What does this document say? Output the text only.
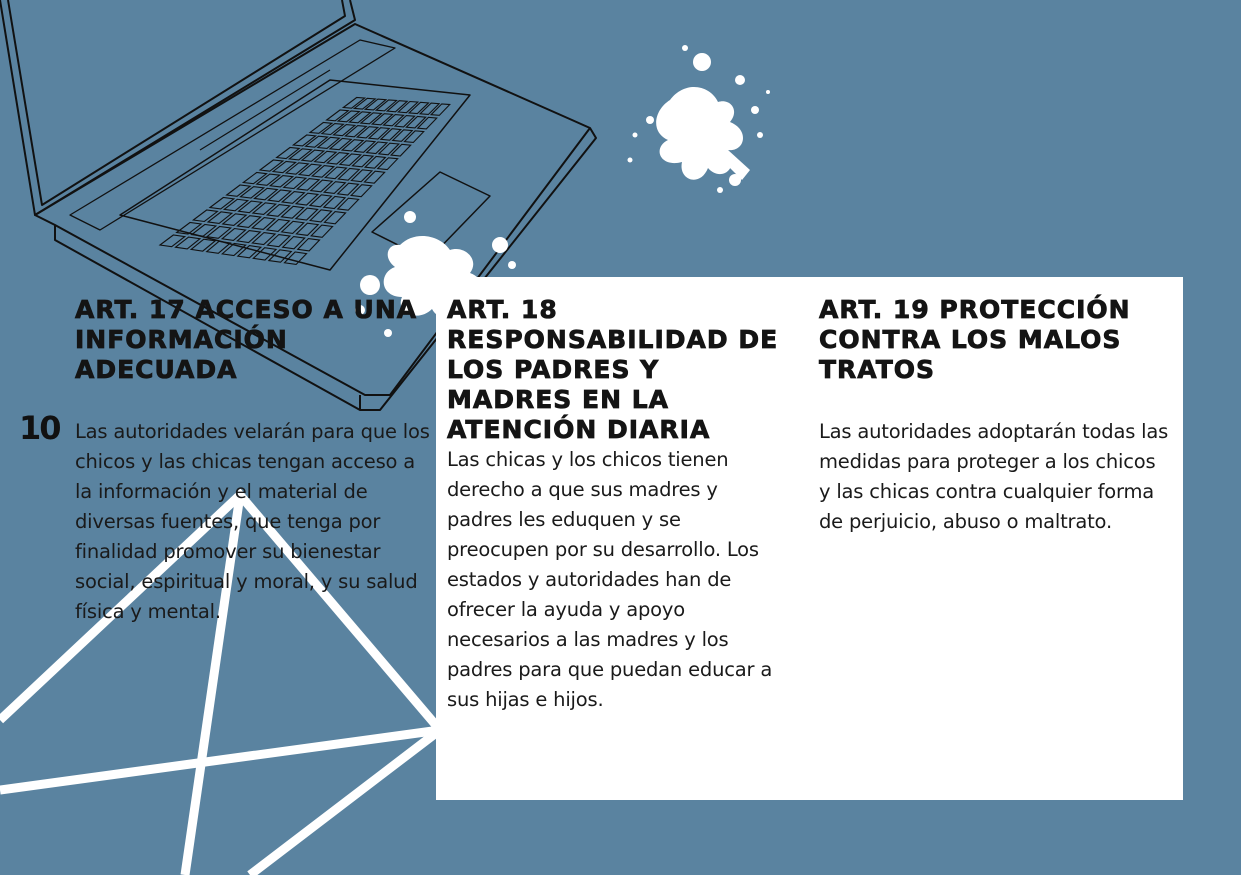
10
ART. 17 ACCESO A UNA INFORMACIÓN ADECUADA

Las autoridades velarán para que los chicos y las chicas tengan acceso a la información y el material de diversas fuentes, que tenga por finalidad promover su bienestar social, espiritual y moral, y su salud física y mental.

ART. 18 RESPONSABILIDAD DE LOS PADRES Y MADRES EN LA ATENCIÓN DIARIA

Las chicas y los chicos tienen derecho a que sus madres y padres les eduquen y se preocupen por su desarrollo. Los estados y autoridades han de ofrecer la ayuda y apoyo necesarios a las madres y los padres para que puedan educar a sus hijas e hijos.

ART. 19 PROTECCIÓN CONTRA LOS MALOS TRATOS

Las autoridades adoptarán todas las medidas para proteger a los chicos y las chicas contra cualquier forma de perjuicio, abuso o maltrato.
